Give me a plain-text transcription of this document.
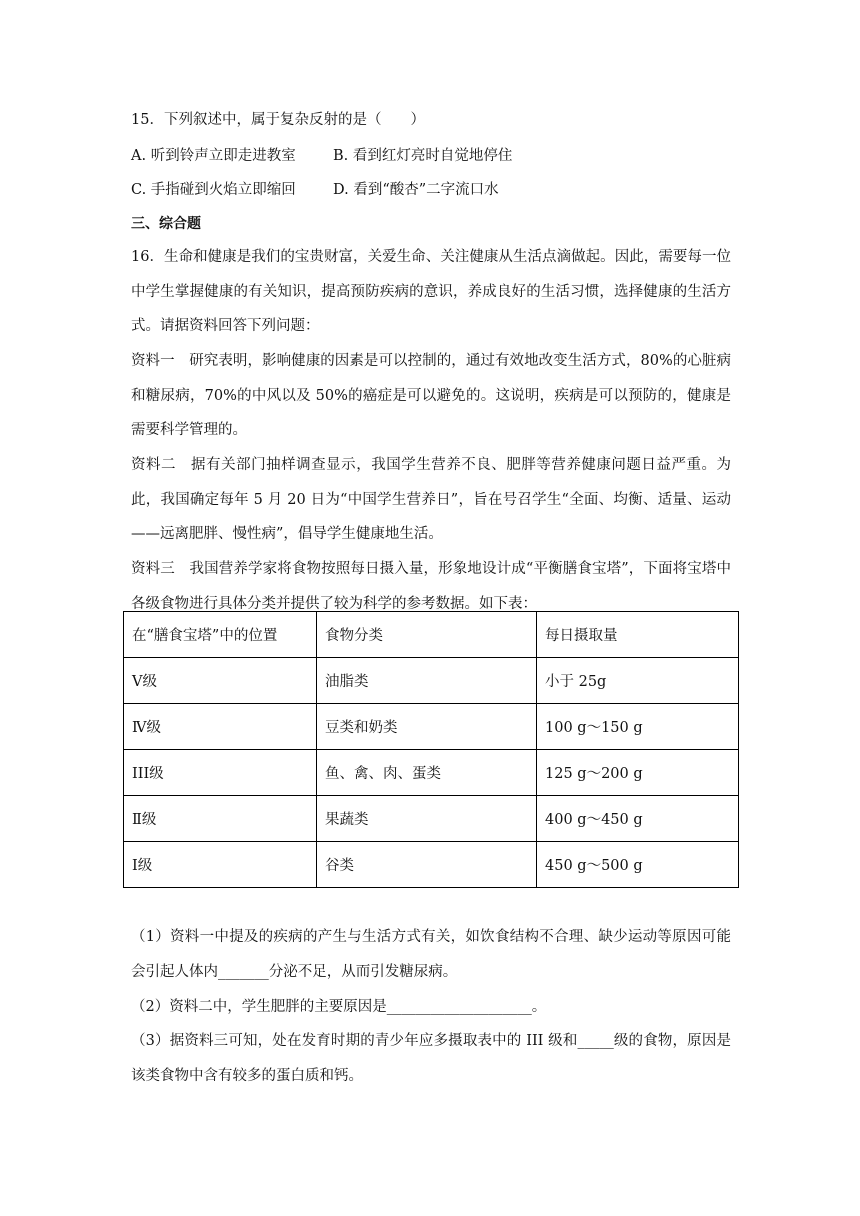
15．下列叙述中，属于复杂反射的是（　　）
A. 听到铃声立即走进教室	B. 看到红灯亮时自觉地停住
C. 手指碰到火焰立即缩回	D. 看到“酸杏”二字流口水
三、综合题
16．生命和健康是我们的宝贵财富，关爱生命、关注健康从生活点滴做起。因此，需要每一位中学生掌握健康的有关知识，提高预防疾病的意识，养成良好的生活习惯，选择健康的生活方式。请据资料回答下列问题：
资料一　研究表明，影响健康的因素是可以控制的，通过有效地改变生活方式，80%的心脏病和糖尿病，70%的中风以及 50%的癌症是可以避免的。这说明，疾病是可以预防的，健康是需要科学管理的。
资料二　据有关部门抽样调查显示，我国学生营养不良、肥胖等营养健康问题日益严重。为此，我国确定每年 5 月 20 日为“中国学生营养日”，旨在号召学生“全面、均衡、适量、运动——远离肥胖、慢性病”，倡导学生健康地生活。
资料三　我国营养学家将食物按照每日摄入量，形象地设计成“平衡膳食宝塔”，下面将宝塔中各级食物进行具体分类并提供了较为科学的参考数据。如下表：
在“膳食宝塔”中的位置	食物分类	每日摄取量
Ⅴ级	油脂类	小于 25g
Ⅳ级	豆类和奶类	100 g～150 g
III级	鱼、禽、肉、蛋类	125 g～200 g
Ⅱ级	果蔬类	400 g～450 g
Ⅰ级	谷类	450 g～500 g
（1）资料一中提及的疾病的产生与生活方式有关，如饮食结构不合理、缺少运动等原因可能会引起人体内_______分泌不足，从而引发糖尿病。
（2）资料二中，学生肥胖的主要原因是____________________。
（3）据资料三可知，处在发育时期的青少年应多摄取表中的 III 级和_____级的食物，原因是该类食物中含有较多的蛋白质和钙。
